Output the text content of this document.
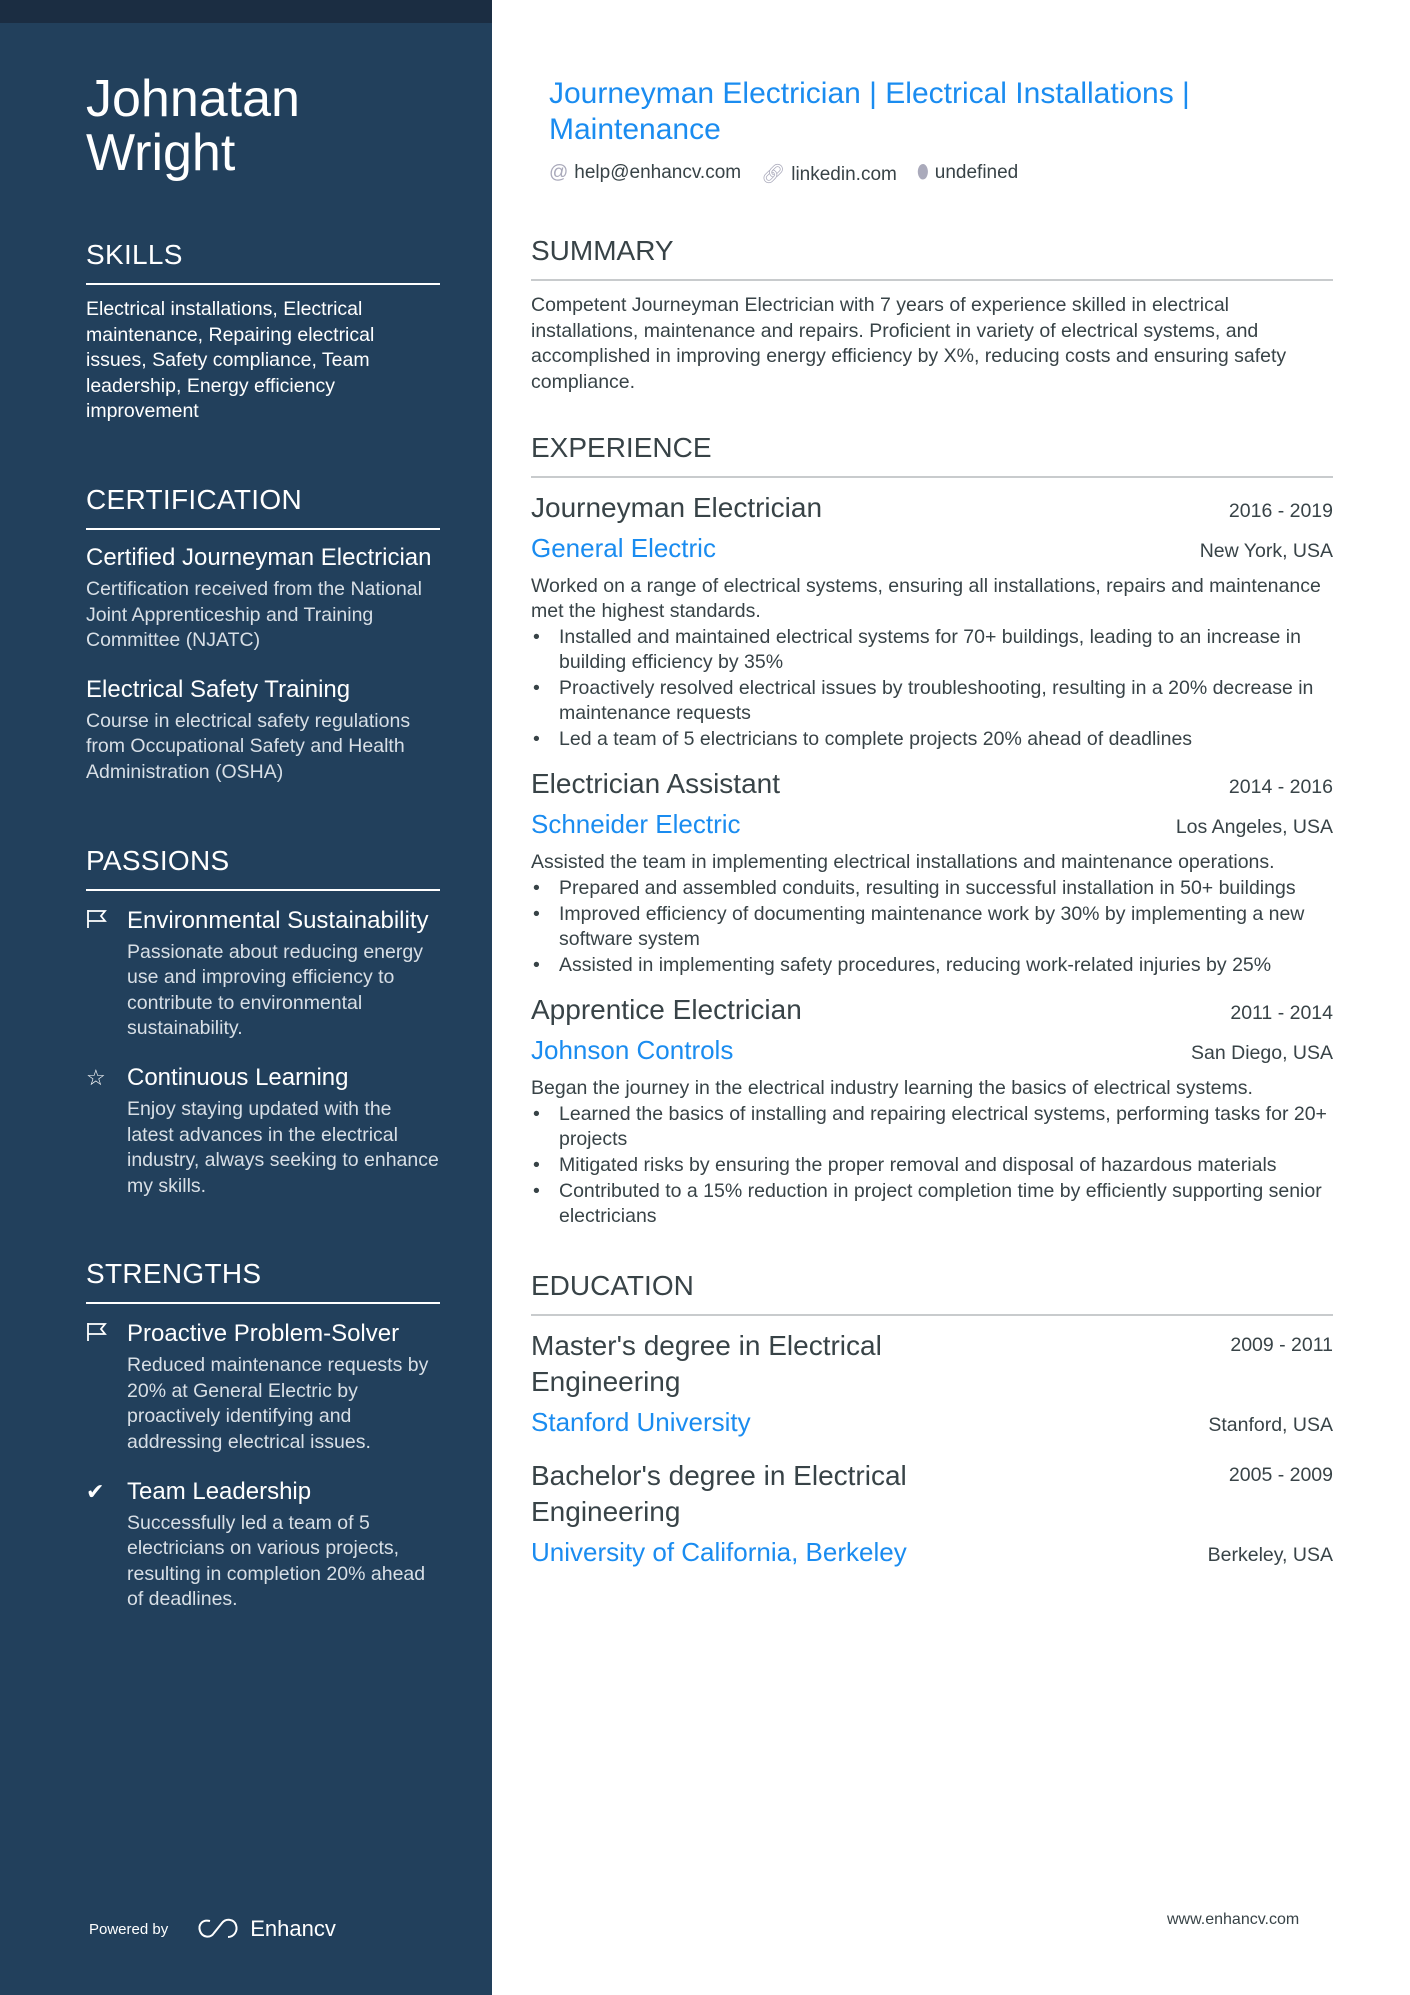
Johnatan
Wright
SKILLS
Electrical installations, Electrical maintenance, Repairing electrical issues, Safety compliance, Team leadership, Energy efficiency improvement
CERTIFICATION
Certified Journeyman Electrician
Certification received from the National Joint Apprenticeship and Training Committee (NJATC)
Electrical Safety Training
Course in electrical safety regulations from Occupational Safety and Health Administration (OSHA)
PASSIONS
Environmental Sustainability
Passionate about reducing energy use and improving efficiency to contribute to environmental sustainability.
☆ Continuous Learning
Enjoy staying updated with the latest advances in the electrical industry, always seeking to enhance my skills.
STRENGTHS
Proactive Problem-Solver
Reduced maintenance requests by 20% at General Electric by proactively identifying and addressing electrical issues.
✔ Team Leadership
Successfully led a team of 5 electricians on various projects, resulting in completion 20% ahead of deadlines.
Powered by	Enhancv
Journeyman Electrician | Electrical Installations | Maintenance
@ help@enhancv.com 🔗︎ linkedin.com ⬮ undefined
SUMMARY
Competent Journeyman Electrician with 7 years of experience skilled in electrical installations, maintenance and repairs. Proficient in variety of electrical systems, and accomplished in improving energy efficiency by X%, reducing costs and ensuring safety compliance.
EXPERIENCE
Journeyman Electrician	2016 - 2019
General Electric	New York, USA
Worked on a range of electrical systems, ensuring all installations, repairs and maintenance met the highest standards.
• Installed and maintained electrical systems for 70+ buildings, leading to an increase in building efficiency by 35%
• Proactively resolved electrical issues by troubleshooting, resulting in a 20% decrease in maintenance requests
• Led a team of 5 electricians to complete projects 20% ahead of deadlines
Electrician Assistant	2014 - 2016
Schneider Electric	Los Angeles, USA
Assisted the team in implementing electrical installations and maintenance operations.
• Prepared and assembled conduits, resulting in successful installation in 50+ buildings
• Improved efficiency of documenting maintenance work by 30% by implementing a new software system
• Assisted in implementing safety procedures, reducing work-related injuries by 25%
Apprentice Electrician	2011 - 2014
Johnson Controls	San Diego, USA
Began the journey in the electrical industry learning the basics of electrical systems.
• Learned the basics of installing and repairing electrical systems, performing tasks for 20+ projects
• Mitigated risks by ensuring the proper removal and disposal of hazardous materials
• Contributed to a 15% reduction in project completion time by efficiently supporting senior electricians
EDUCATION
Master's degree in Electrical Engineering
2009 - 2011
Stanford University	Stanford, USA
Bachelor's degree in Electrical Engineering
2005 - 2009
University of California, Berkeley	Berkeley, USA
www.enhancv.com
